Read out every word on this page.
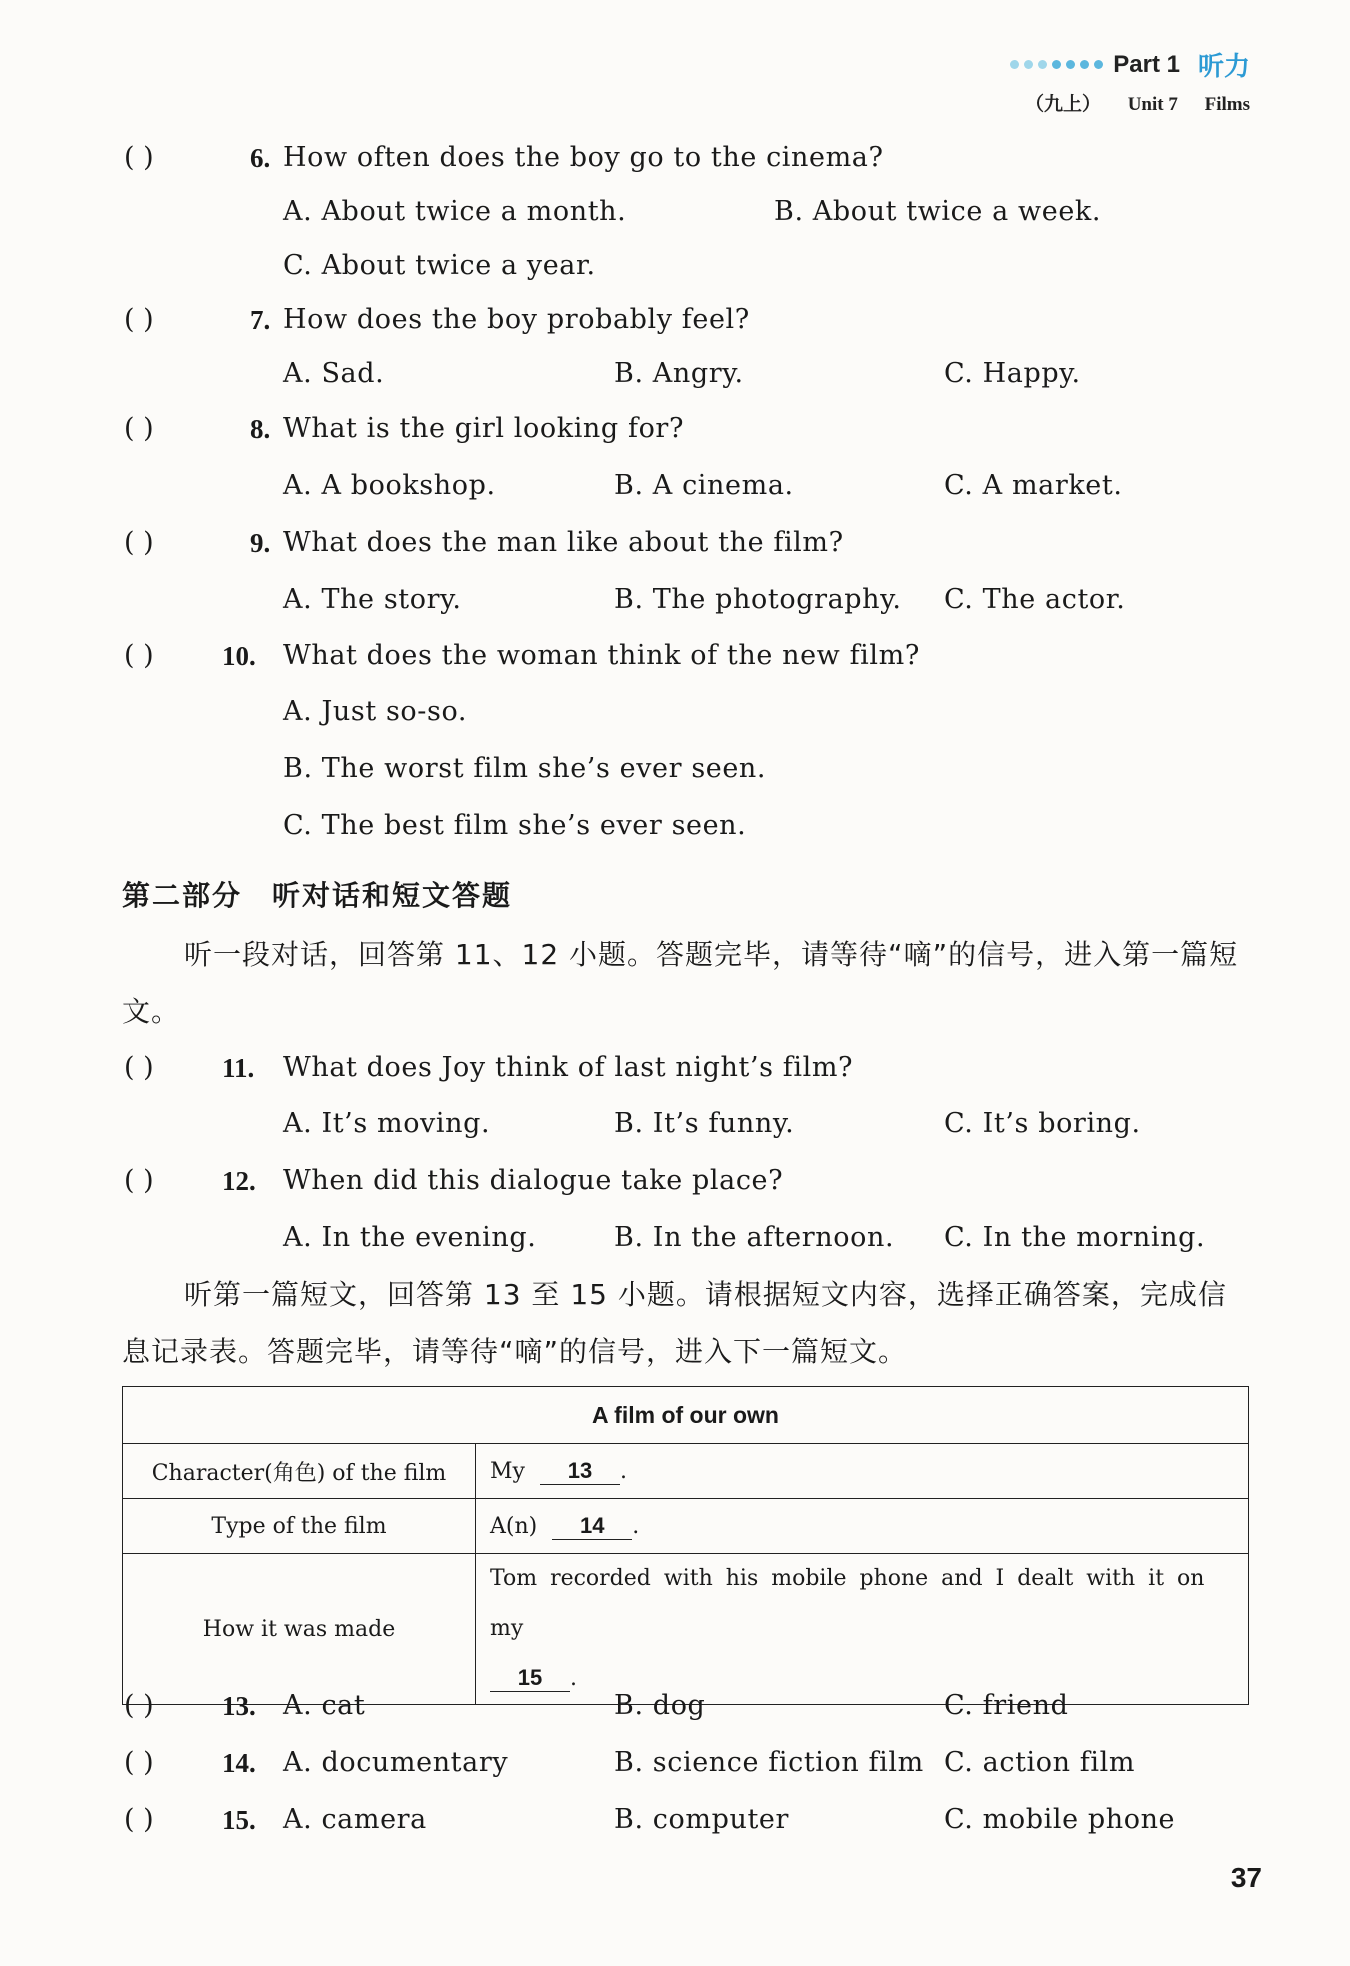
Part 1 听力
（九上） Unit 7 Films
( )	6. How often does the boy go to the cinema?
A. About twice a month.	B. About twice a week.
C. About twice a year.
( )	7. How does the boy probably feel?
A. Sad.	B. Angry.	C. Happy.
( )	8. What is the girl looking for?
A. A bookshop.	B. A cinema.	C. A market.
( )	9. What does the man like about the film?
A. The story.	B. The photography. C. The actor.
( )	10. What does the woman think of the new film?
A. Just so-so.
B. The worst film she’s ever seen.
C. The best film she’s ever seen.
第二部分　听对话和短文答题
听一段对话，回答第 11、12 小题。答题完毕，请等待“嘀”的信号，进入第一篇短文。
( )	11. What does Joy think of last night’s film?
A. It’s moving.	B. It’s funny.	C. It’s boring.
( )	12. When did this dialogue take place?
A. In the evening.	B. In the afternoon. C. In the morning.
听第一篇短文，回答第 13 至 15 小题。请根据短文内容，选择正确答案，完成信息记录表。答题完毕，请等待“嘀”的信号，进入下一篇短文。
A film of our own	
Character(角色) of the film	My 13 .
Type of the film	A(n) 14 .
How it was made	Tom recorded with his mobile phone and I dealt with it on my
15 .
( )	13. A. cat	B. dog	C. friend
( )	14. A. documentary	B. science fiction film C. action film
( )	15. A. camera	B. computer	C. mobile phone
37
